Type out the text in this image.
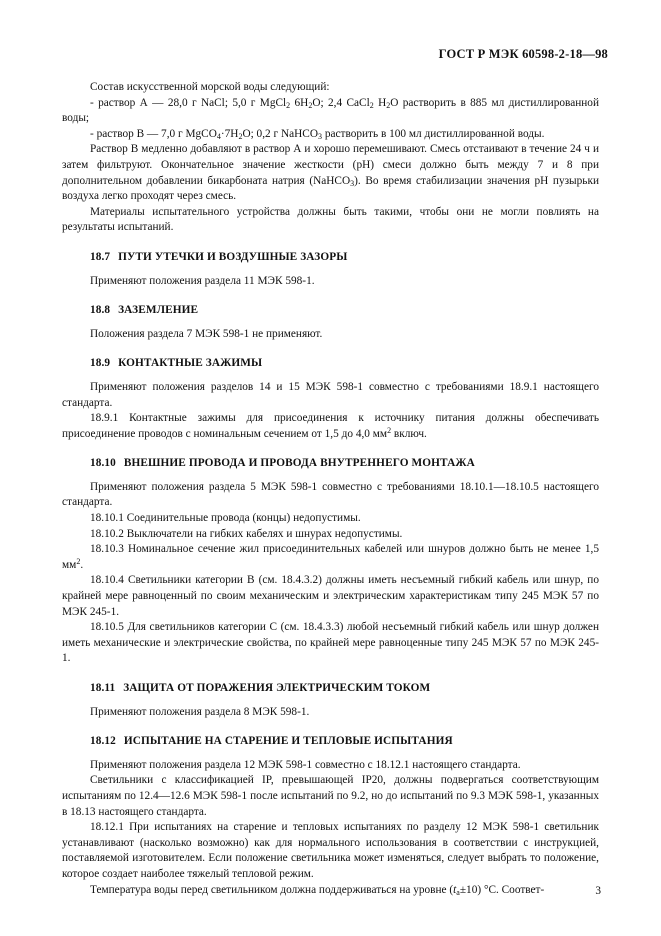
ГОСТ Р МЭК 60598-2-18—98

Состав искусственной морской воды следующий:

- раствор А — 28,0 г NaCl; 5,0 г MgCl$_2$ $6H_2O$; 2,4 CaCl$_2$ $H_2O$ растворить в 885 мл дистиллированной воды;

- раствор В — 7,0 г $MgCO_4\cdot 7H_2O$; 0,2 г NaHCO$_3$ растворить в 100 мл дистиллированной воды.

Раствор В медленно добавляют в раствор А и хорошо перемешивают. Смесь отстаивают в течение 24 ч и затем фильтруют. Окончательное значение жесткости (pH) смеси должно быть между 7 и 8 при дополнительном добавлении бикарбоната натрия (NaHCO$_3$). Во время стабилизации значения pH пузырьки воздуха легко проходят через смесь.

Материалы испытательного устройства должны быть такими, чтобы они не могли повлиять на результаты испытаний.

18.7 ПУТИ УТЕЧКИ И ВОЗДУШНЫЕ ЗАЗОРЫ

Применяют положения раздела 11 МЭК 598-1.

18.8 ЗАЗЕМЛЕНИЕ

Положения раздела 7 МЭК 598-1 не применяют.

18.9 КОНТАКТНЫЕ ЗАЖИМЫ

Применяют положения разделов 14 и 15 МЭК 598-1 совместно с требованиями 18.9.1 настоящего стандарта.

18.9.1 Контактные зажимы для присоединения к источнику питания должны обеспечивать присоединение проводов с номинальным сечением от 1,5 до 4,0 $мм^2$ включ.

18.10 ВНЕШНИЕ ПРОВОДА И ПРОВОДА ВНУТРЕННЕГО МОНТАЖА

Применяют положения раздела 5 МЭК 598-1 совместно с требованиями 18.10.1—18.10.5 настоящего стандарта.

18.10.1 Соединительные провода (концы) недопустимы.

18.10.2 Выключатели на гибких кабелях и шнурах недопустимы.

18.10.3 Номинальное сечение жил присоединительных кабелей или шнуров должно быть не менее 1,5 $мм^2$.

18.10.4 Светильники категории В (см. 18.4.3.2) должны иметь несъемный гибкий кабель или шнур, по крайней мере равноценный по своим механическим и электрическим характеристикам типу 245 МЭК 57 по МЭК 245-1.

18.10.5 Для светильников категории С (см. 18.4.3.3) любой несъемный гибкий кабель или шнур должен иметь механические и электрические свойства, по крайней мере равноценные типу 245 МЭК 57 по МЭК 245-1.

18.11 ЗАЩИТА ОТ ПОРАЖЕНИЯ ЭЛЕКТРИЧЕСКИМ ТОКОМ

Применяют положения раздела 8 МЭК 598-1.

18.12 ИСПЫТАНИЕ НА СТАРЕНИЕ И ТЕПЛОВЫЕ ИСПЫТАНИЯ

Применяют положения раздела 12 МЭК 598-1 совместно с 18.12.1 настоящего стандарта.

Светильники с классификацией IP, превышающей IP20, должны подвергаться соответствующим испытаниям по 12.4—12.6 МЭК 598-1 после испытаний по 9.2, но до испытаний по 9.3 МЭК 598-1, указанных в 18.13 настоящего стандарта.

18.12.1 При испытаниях на старение и тепловых испытаниях по разделу 12 МЭК 598-1 светильник устанавливают (насколько возможно) как для нормального использования в соответствии с инструкцией, поставляемой изготовителем. Если положение светильника может изменяться, следует выбрать то положение, которое создает наиболее тяжелый тепловой режим.

Температура воды перед светильником должна поддерживаться на уровне $(t_a\pm 10)$ °С. Соответ-	3
